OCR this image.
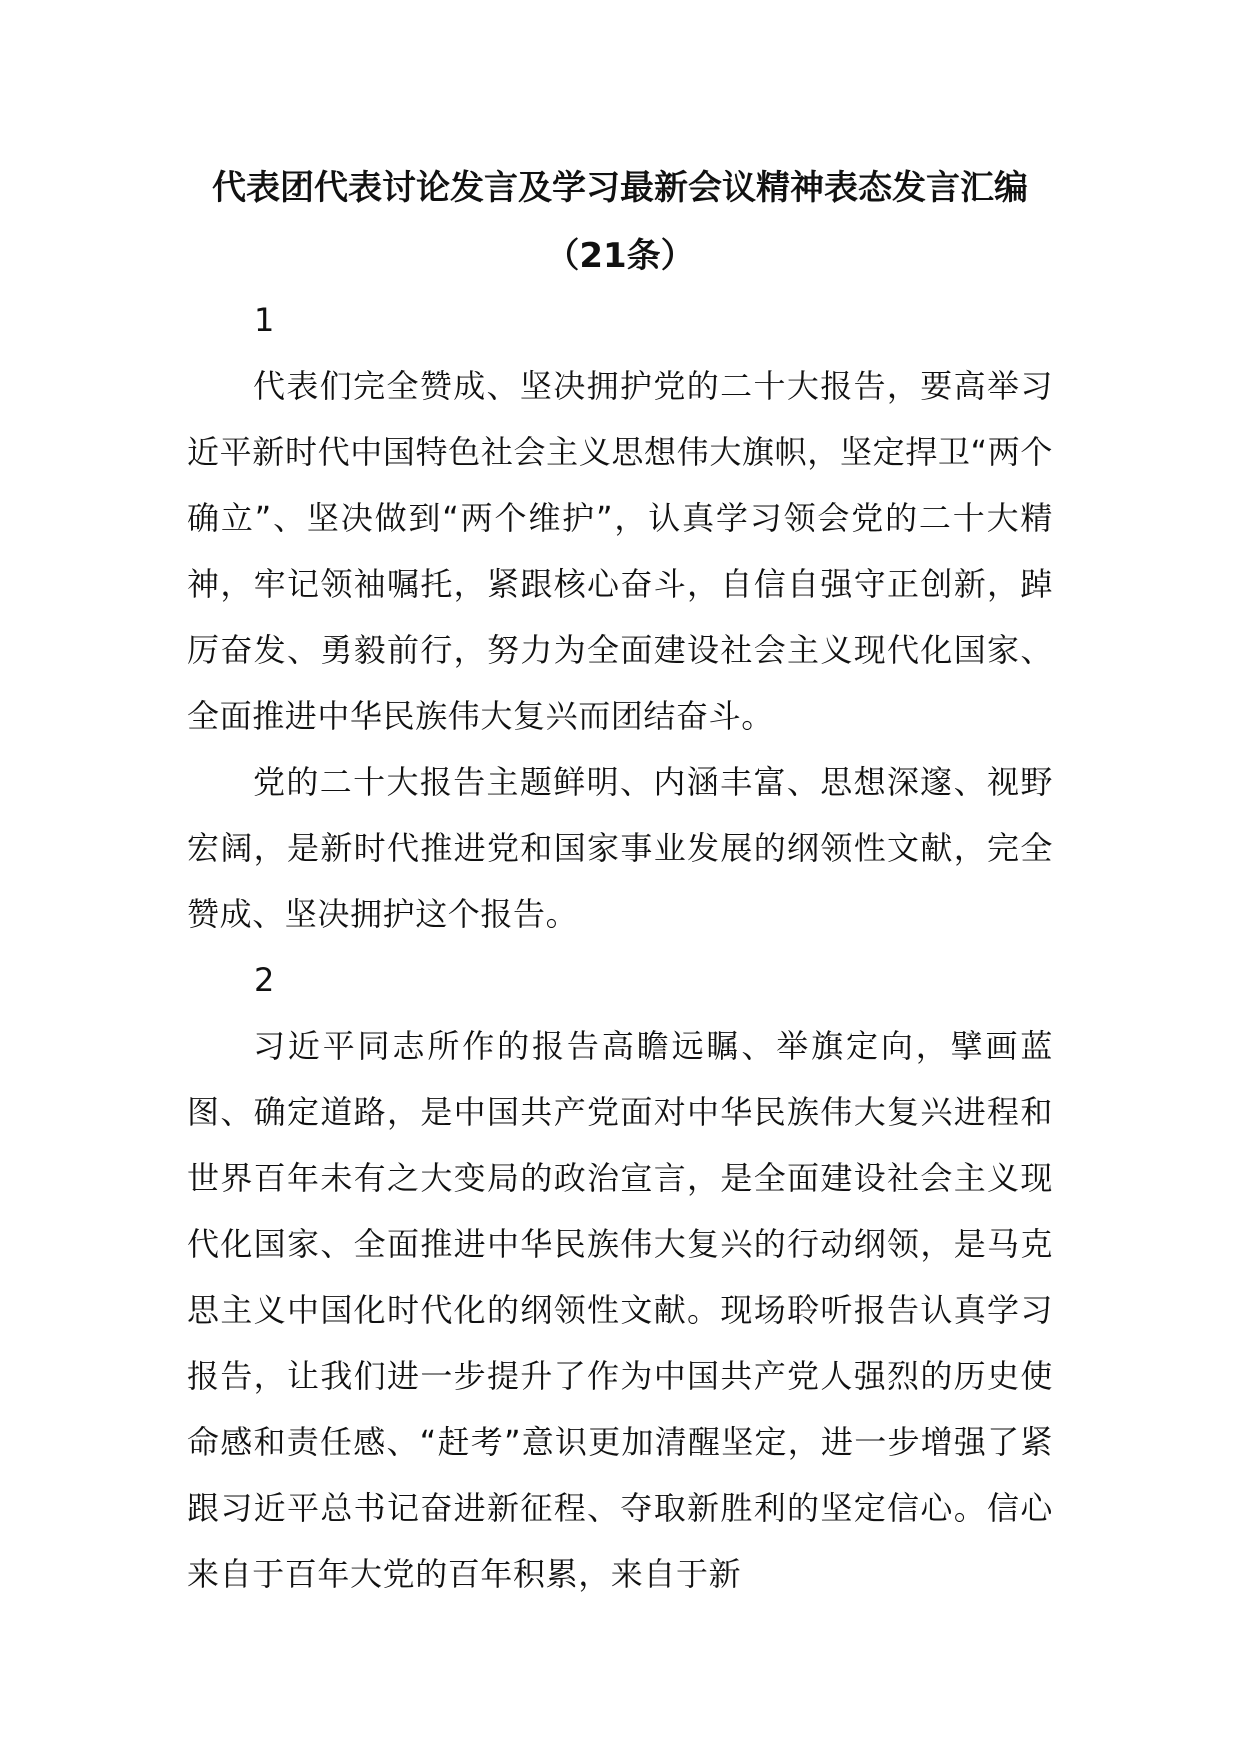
代表团代表讨论发言及学习最新会议精神表态发言汇编
（21条）
1

代表们完全赞成、坚决拥护党的二十大报告，要高举习近平新时代中国特色社会主义思想伟大旗帜，坚定捍卫“两个确立”、坚决做到“两个维护”，认真学习领会党的二十大精神，牢记领袖嘱托，紧跟核心奋斗，自信自强守正创新，踔厉奋发、勇毅前行，努力为全面建设社会主义现代化国家、全面推进中华民族伟大复兴而团结奋斗。

党的二十大报告主题鲜明、内涵丰富、思想深邃、视野宏阔，是新时代推进党和国家事业发展的纲领性文献，完全赞成、坚决拥护这个报告。

2

习近平同志所作的报告高瞻远瞩、举旗定向，擘画蓝图、确定道路，是中国共产党面对中华民族伟大复兴进程和世界百年未有之大变局的政治宣言，是全面建设社会主义现代化国家、全面推进中华民族伟大复兴的行动纲领，是马克思主义中国化时代化的纲领性文献。现场聆听报告认真学习报告，让我们进一步提升了作为中国共产党人强烈的历史使命感和责任感、“赶考”意识更加清醒坚定，进一步增强了紧跟习近平总书记奋进新征程、夺取新胜利的坚定信心。信心来自于百年大党的百年积累，来自于新
